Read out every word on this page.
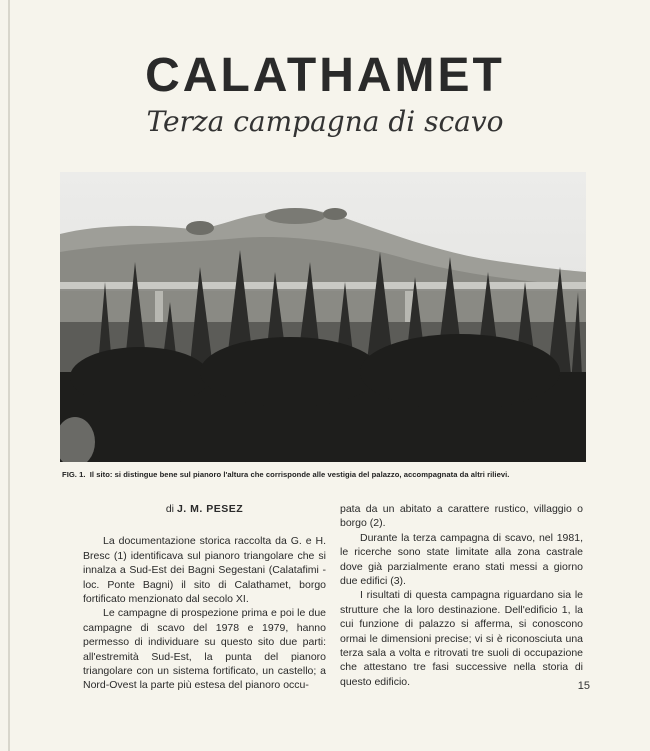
CALATHAMET
Terza campagna di scavo
FIG. 1. Il sito: si distingue bene sul pianoro l'altura che corrisponde alle vestigia del palazzo, accompagnata da altri rilievi.

di J. M. PESEZ

La documentazione storica raccolta da G. e H. Bresc (1) identificava sul pianoro triangolare che si innalza a Sud-Est dei Bagni Segestani (Calatafimi - loc. Ponte Bagni) il sito di Calathamet, borgo fortificato menzionato dal secolo XI.

Le campagne di prospezione prima e poi le due campagne di scavo del 1978 e 1979, hanno permesso di individuare su questo sito due parti: all'estremità Sud-Est, la punta del pianoro triangolare con un sistema fortificato, un castello; a Nord-Ovest la parte più estesa del pianoro occu-

pata da un abitato a carattere rustico, villaggio o borgo (2).

Durante la terza campagna di scavo, nel 1981, le ricerche sono state limitate alla zona castrale dove già parzialmente erano stati messi a giorno due edifici (3).

I risultati di questa campagna riguardano sia le strutture che la loro destinazione. Dell'edificio 1, la cui funzione di palazzo si afferma, si conoscono ormai le dimensioni precise; vi si è riconosciuta una terza sala a volta e ritrovati tre suoli di occupazione che attestano tre fasi successive nella storia di questo edificio.	15
